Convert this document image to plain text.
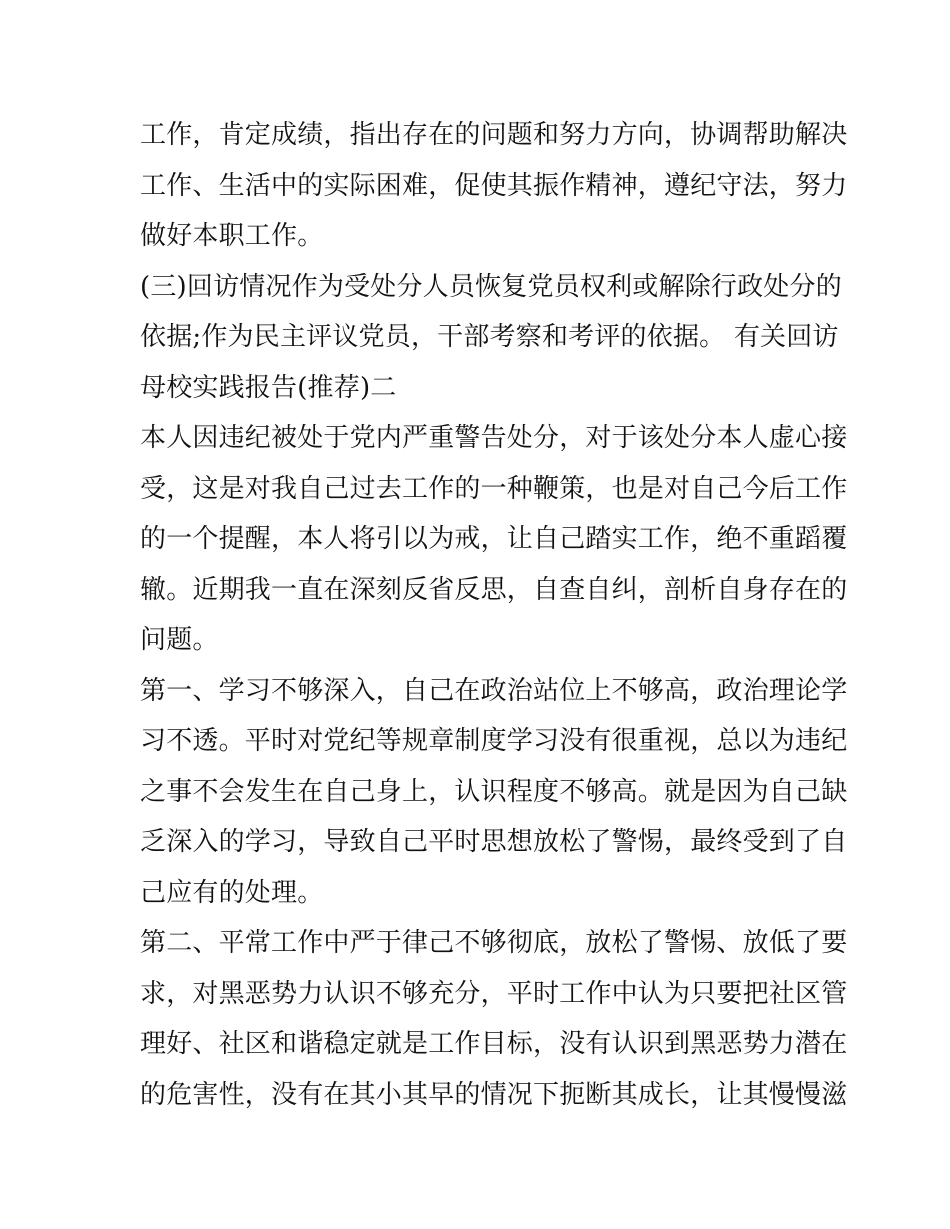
工作，肯定成绩，指出存在的问题和努力方向，协调帮助解决
工作、生活中的实际困难，促使其振作精神，遵纪守法，努力
做好本职工作。
(三)回访情况作为受处分人员恢复党员权利或解除行政处分的
依据;作为民主评议党员，干部考察和考评的依据。 有关回访
母校实践报告(推荐)二
本人因违纪被处于党内严重警告处分，对于该处分本人虚心接
受，这是对我自己过去工作的一种鞭策，也是对自己今后工作
的一个提醒，本人将引以为戒，让自己踏实工作，绝不重蹈覆
辙。近期我一直在深刻反省反思，自查自纠，剖析自身存在的
问题。
第一、学习不够深入，自己在政治站位上不够高，政治理论学
习不透。平时对党纪等规章制度学习没有很重视，总以为违纪
之事不会发生在自己身上，认识程度不够高。就是因为自己缺
乏深入的学习，导致自己平时思想放松了警惕，最终受到了自
己应有的处理。
第二、平常工作中严于律己不够彻底，放松了警惕、放低了要
求，对黑恶势力认识不够充分，平时工作中认为只要把社区管
理好、社区和谐稳定就是工作目标，没有认识到黑恶势力潜在
的危害性，没有在其小其早的情况下扼断其成长，让其慢慢滋
